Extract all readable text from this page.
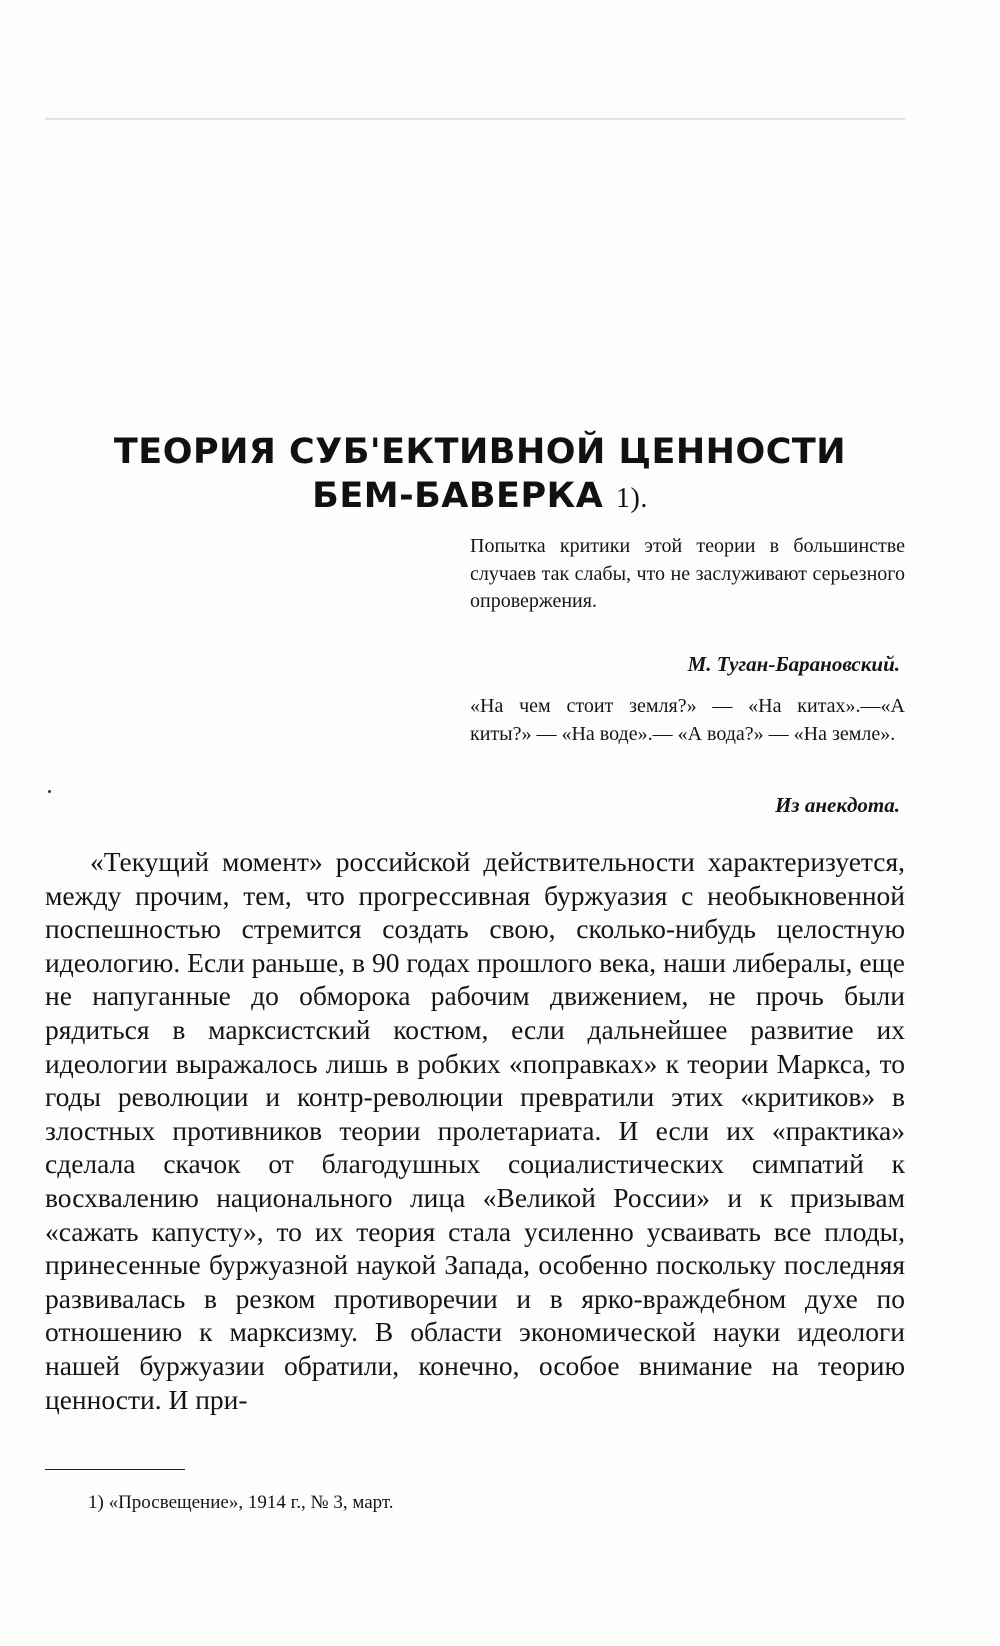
ТЕОРИЯ СУБ'ЕКТИВНОЙ ЦЕННОСТИ
БЕМ-БАВЕРКА 1).
Попытка критики этой теории в большинстве случаев так слабы, что не заслуживают серьезного опровержения.
М. Туган-Барановский.
«На чем стоит земля?» — «На китах».—«А киты?» — «На воде».— «А вода?» — «На земле».
Из анекдота.

«Текущий момент» российской действительности характеризуется, между прочим, тем, что прогрессивная буржуазия с необыкновенной поспешностью стремится создать свою, сколько-нибудь целостную идеологию. Если раньше, в 90 годах прошлого века, наши либералы, еще не напуганные до обморока рабочим движением, не прочь были рядиться в марксистский костюм, если дальнейшее развитие их идеологии выражалось лишь в робких «поправках» к теории Маркса, то годы революции и контр-революции превратили этих «критиков» в злостных противников теории пролетариата. И если их «практика» сделала скачок от благодушных социалистических симпатий к восхвалению национального лица «Великой России» и к призывам «сажать капусту», то их теория стала усиленно усваивать все плоды, принесенные буржуазной наукой Запада, особенно поскольку последняя развивалась в резком противоречии и в ярко-враждебном духе по отношению к марксизму. В области экономической науки идеологи нашей буржуазии обратили, конечно, особое внимание на теорию ценности. И при-

1) «Просвещение», 1914 г., № 3, март.
